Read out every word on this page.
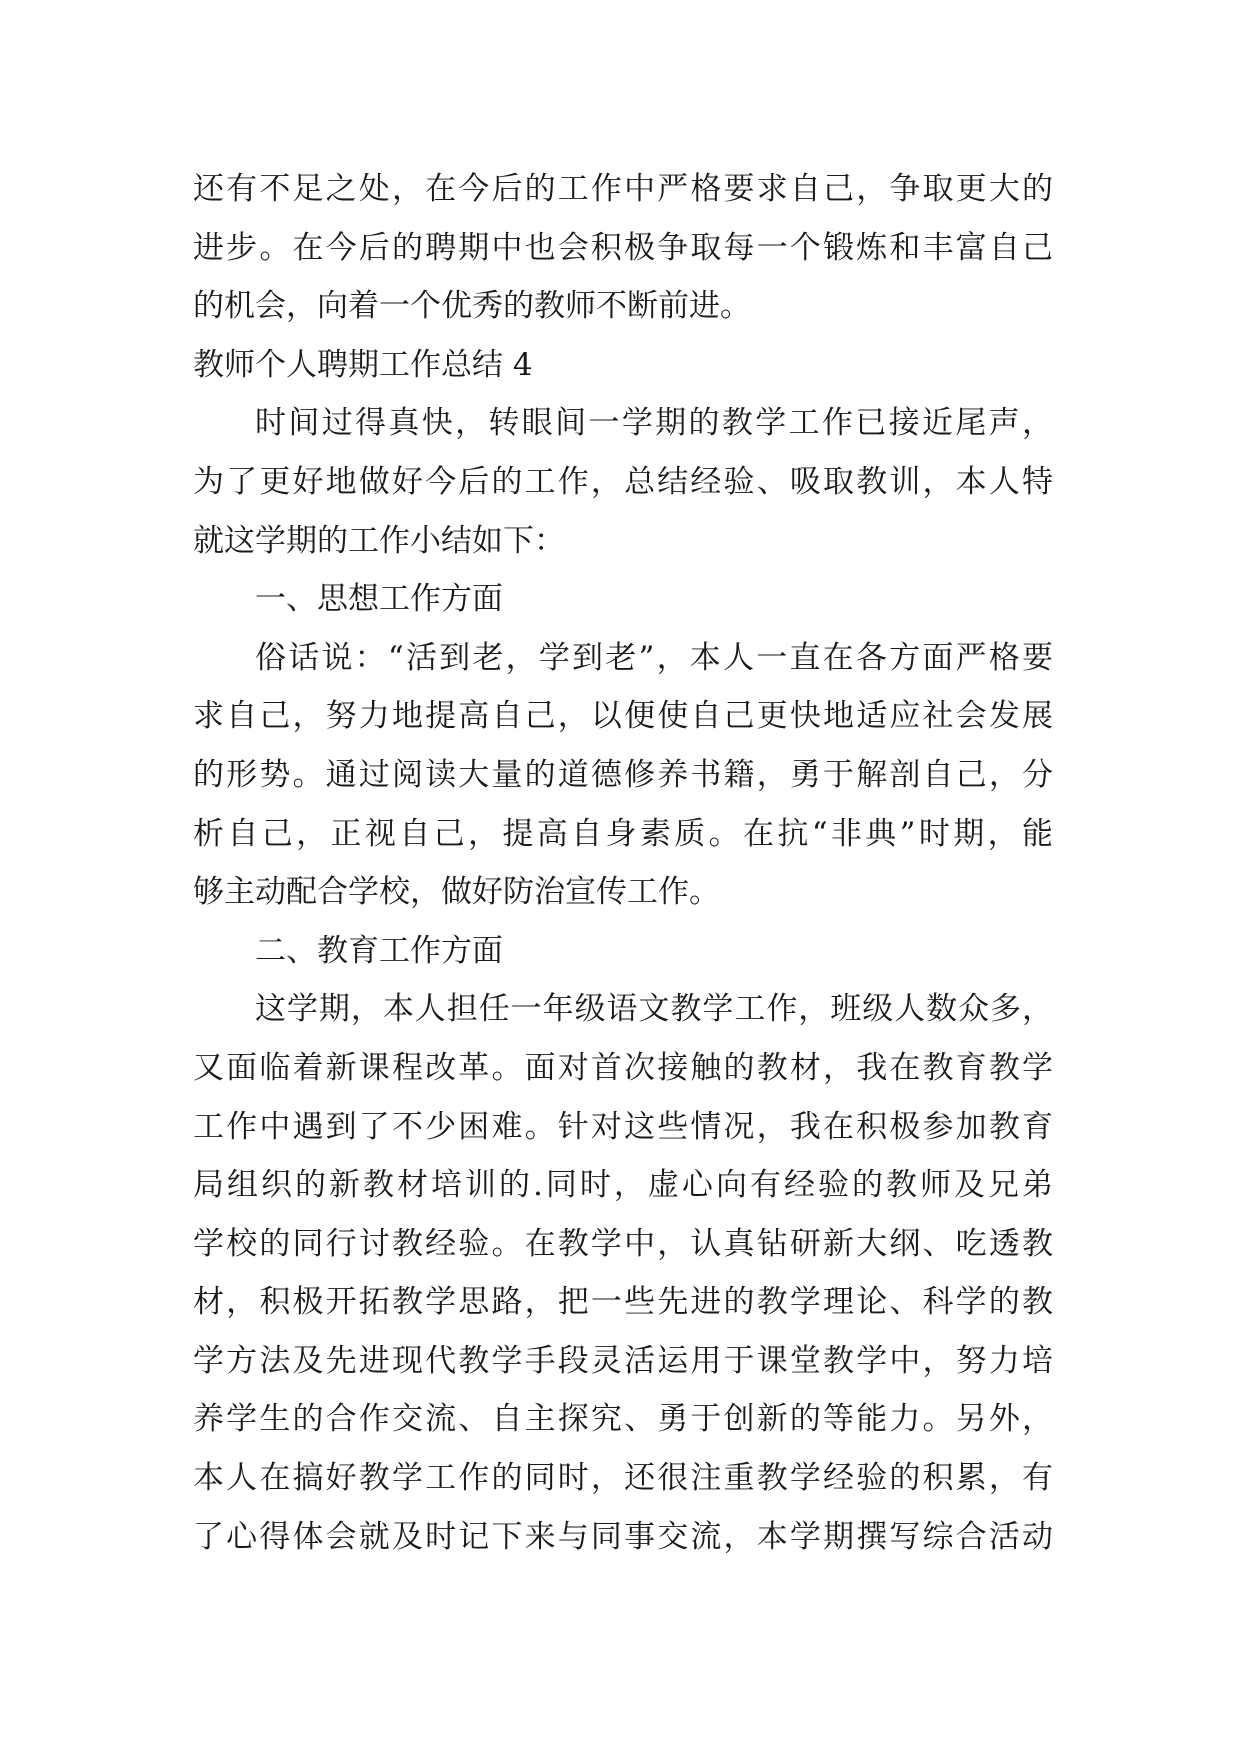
还有不足之处，在今后的工作中严格要求自己，争取更大的
进步。在今后的聘期中也会积极争取每一个锻炼和丰富自己
的机会，向着一个优秀的教师不断前进。
教师个人聘期工作总结 4
时间过得真快，转眼间一学期的教学工作已接近尾声，
为了更好地做好今后的工作，总结经验、吸取教训，本人特
就这学期的工作小结如下：
一、思想工作方面
俗话说：“活到老，学到老”，本人一直在各方面严格要
求自己，努力地提高自己，以便使自己更快地适应社会发展
的形势。通过阅读大量的道德修养书籍，勇于解剖自己，分
析自己，正视自己，提高自身素质。在抗“非典”时期，能
够主动配合学校，做好防治宣传工作。
二、教育工作方面
这学期，本人担任一年级语文教学工作，班级人数众多，
又面临着新课程改革。面对首次接触的教材，我在教育教学
工作中遇到了不少困难。针对这些情况，我在积极参加教育
局组织的新教材培训的.同时，虚心向有经验的教师及兄弟
学校的同行讨教经验。在教学中，认真钻研新大纲、吃透教
材，积极开拓教学思路，把一些先进的教学理论、科学的教
学方法及先进现代教学手段灵活运用于课堂教学中，努力培
养学生的合作交流、自主探究、勇于创新的等能力。另外，
本人在搞好教学工作的同时，还很注重教学经验的积累，有
了心得体会就及时记下来与同事交流，本学期撰写综合活动
